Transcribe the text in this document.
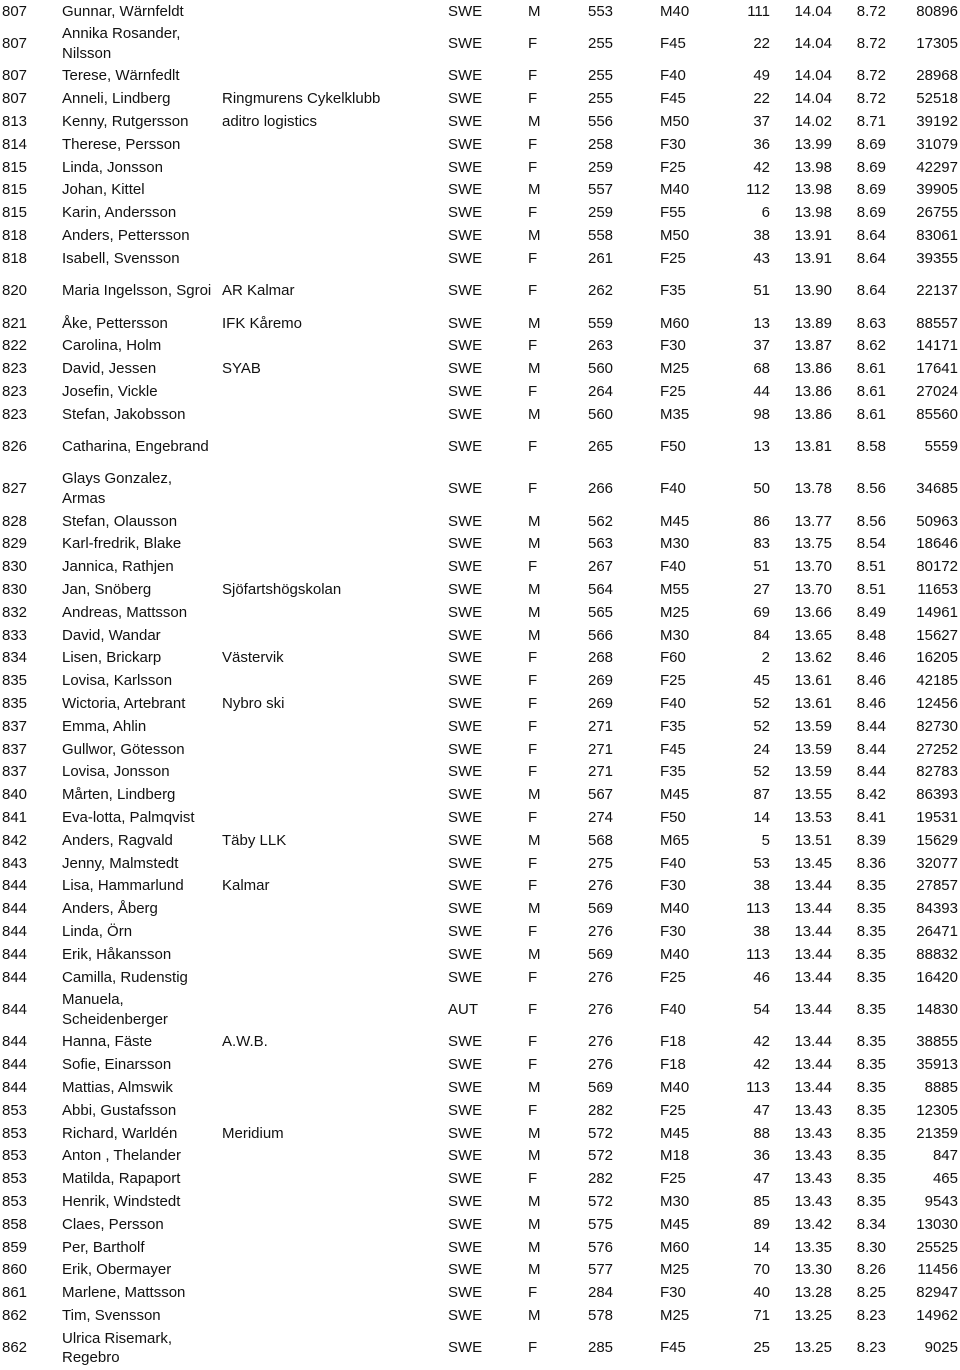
807	Gunnar, Wärnfeldt		SWE	M	553	M40	111	14.04	8.72	80896
807	Annika Rosander, Nilsson		SWE	F	255	F45	22	14.04	8.72	17305
807	Terese, Wärnfedlt		SWE	F	255	F40	49	14.04	8.72	28968
807	Anneli, Lindberg	Ringmurens Cykelklubb	SWE	F	255	F45	22	14.04	8.72	52518
813	Kenny, Rutgersson	aditro logistics	SWE	M	556	M50	37	14.02	8.71	39192
814	Therese, Persson		SWE	F	258	F30	36	13.99	8.69	31079
815	Linda, Jonsson		SWE	F	259	F25	42	13.98	8.69	42297
815	Johan, Kittel		SWE	M	557	M40	112	13.98	8.69	39905
815	Karin, Andersson		SWE	F	259	F55	6	13.98	8.69	26755
818	Anders, Pettersson		SWE	M	558	M50	38	13.91	8.64	83061
818	Isabell, Svensson		SWE	F	261	F25	43	13.91	8.64	39355
820	Maria Ingelsson, Sgroi	AR Kalmar	SWE	F	262	F35	51	13.90	8.64	22137
821	Åke, Pettersson	IFK Kåremo	SWE	M	559	M60	13	13.89	8.63	88557
822	Carolina, Holm		SWE	F	263	F30	37	13.87	8.62	14171
823	David, Jessen	SYAB	SWE	M	560	M25	68	13.86	8.61	17641
823	Josefin, Vickle		SWE	F	264	F25	44	13.86	8.61	27024
823	Stefan, Jakobsson		SWE	M	560	M35	98	13.86	8.61	85560
826	Catharina, Engebrand		SWE	F	265	F50	13	13.81	8.58	5559
827	Glays Gonzalez, Armas		SWE	F	266	F40	50	13.78	8.56	34685
828	Stefan, Olausson		SWE	M	562	M45	86	13.77	8.56	50963
829	Karl-fredrik, Blake		SWE	M	563	M30	83	13.75	8.54	18646
830	Jannica, Rathjen		SWE	F	267	F40	51	13.70	8.51	80172
830	Jan, Snöberg	Sjöfartshögskolan	SWE	M	564	M55	27	13.70	8.51	11653
832	Andreas, Mattsson		SWE	M	565	M25	69	13.66	8.49	14961
833	David, Wandar		SWE	M	566	M30	84	13.65	8.48	15627
834	Lisen, Brickarp	Västervik	SWE	F	268	F60	2	13.62	8.46	16205
835	Lovisa, Karlsson		SWE	F	269	F25	45	13.61	8.46	42185
835	Wictoria, Artebrant	Nybro ski	SWE	F	269	F40	52	13.61	8.46	12456
837	Emma, Ahlin		SWE	F	271	F35	52	13.59	8.44	82730
837	Gullwor, Götesson		SWE	F	271	F45	24	13.59	8.44	27252
837	Lovisa, Jonsson		SWE	F	271	F35	52	13.59	8.44	82783
840	Mårten, Lindberg		SWE	M	567	M45	87	13.55	8.42	86393
841	Eva-lotta, Palmqvist		SWE	F	274	F50	14	13.53	8.41	19531
842	Anders, Ragvald	Täby LLK	SWE	M	568	M65	5	13.51	8.39	15629
843	Jenny, Malmstedt		SWE	F	275	F40	53	13.45	8.36	32077
844	Lisa, Hammarlund	Kalmar	SWE	F	276	F30	38	13.44	8.35	27857
844	Anders, Åberg		SWE	M	569	M40	113	13.44	8.35	84393
844	Linda, Örn		SWE	F	276	F30	38	13.44	8.35	26471
844	Erik, Håkansson		SWE	M	569	M40	113	13.44	8.35	88832
844	Camilla, Rudenstig		SWE	F	276	F25	46	13.44	8.35	16420
844	Manuela, Scheidenberger		AUT	F	276	F40	54	13.44	8.35	14830
844	Hanna, Fäste	A.W.B.	SWE	F	276	F18	42	13.44	8.35	38855
844	Sofie, Einarsson		SWE	F	276	F18	42	13.44	8.35	35913
844	Mattias, Almswik		SWE	M	569	M40	113	13.44	8.35	8885
853	Abbi, Gustafsson		SWE	F	282	F25	47	13.43	8.35	12305
853	Richard, Warldén	Meridium	SWE	M	572	M45	88	13.43	8.35	21359
853	Anton , Thelander		SWE	M	572	M18	36	13.43	8.35	847
853	Matilda, Rapaport		SWE	F	282	F25	47	13.43	8.35	465
853	Henrik, Windstedt		SWE	M	572	M30	85	13.43	8.35	9543
858	Claes, Persson		SWE	M	575	M45	89	13.42	8.34	13030
859	Per, Bartholf		SWE	M	576	M60	14	13.35	8.30	25525
860	Erik, Obermayer		SWE	M	577	M25	70	13.30	8.26	11456
861	Marlene, Mattsson		SWE	F	284	F30	40	13.28	8.25	82947
862	Tim, Svensson		SWE	M	578	M25	71	13.25	8.23	14962
862	Ulrica Risemark, Regebro		SWE	F	285	F45	25	13.25	8.23	9025
